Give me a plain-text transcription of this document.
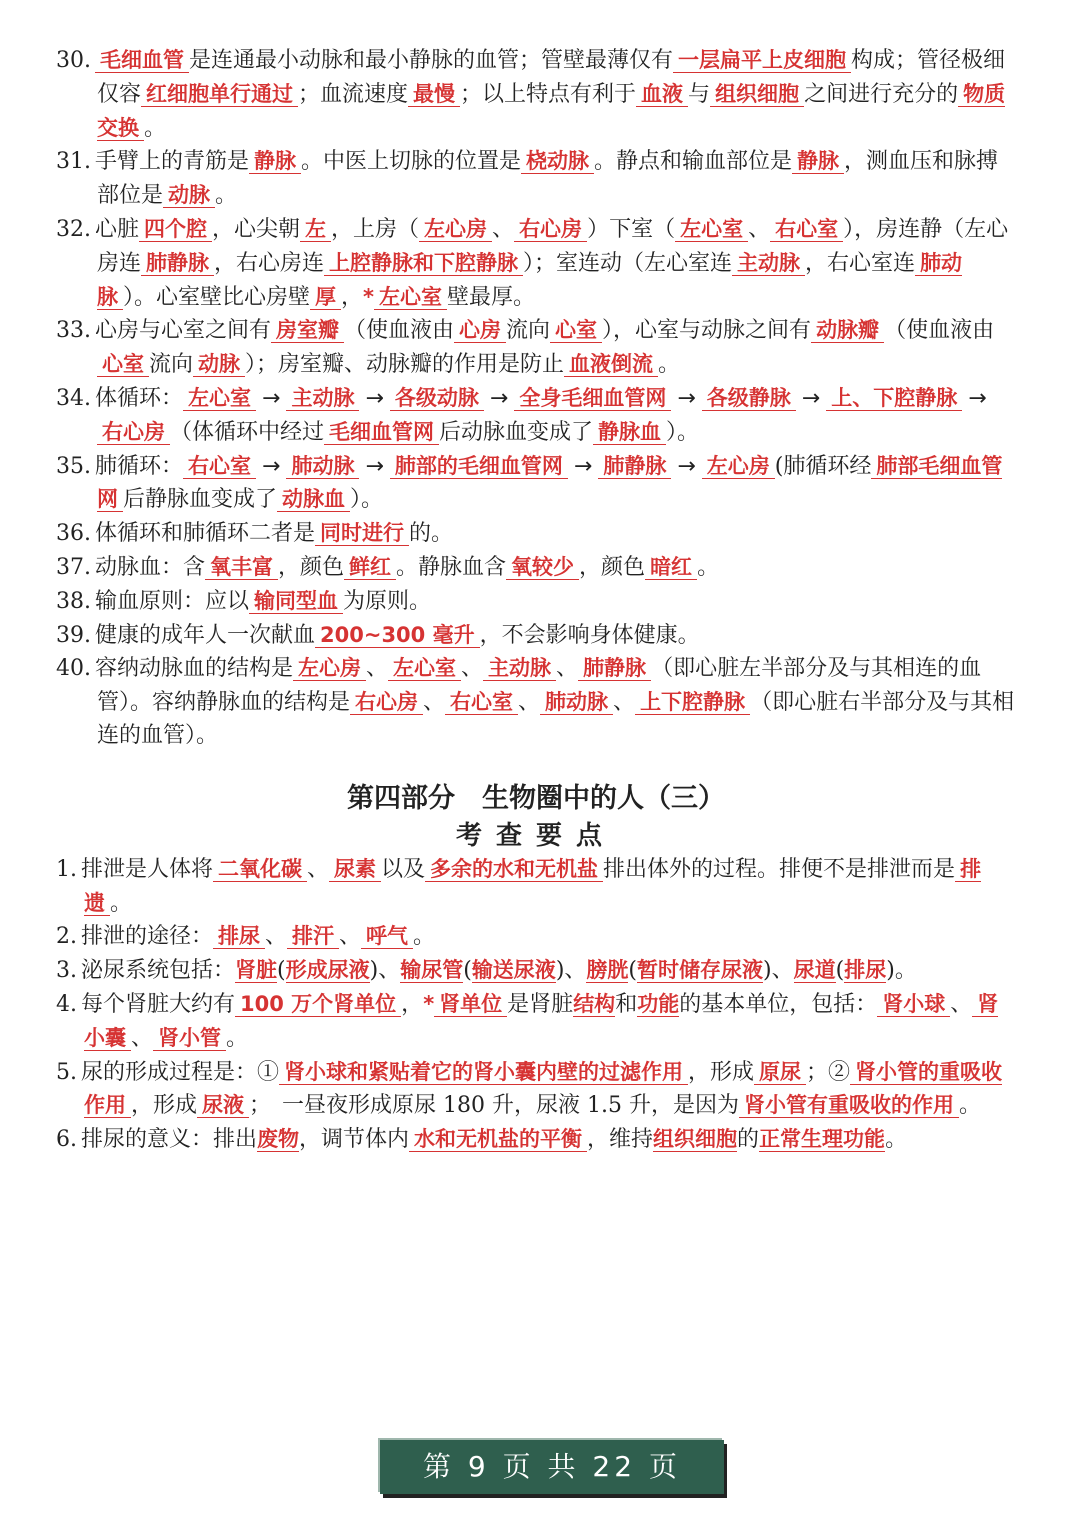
30. 毛细血管 是连通最小动脉和最小静脉的血管；管壁最薄仅有 一层扁平上皮细胞 构成；管径极细仅容 红细胞单行通过 ；血流速度 最慢 ；以上特点有利于 血液 与 组织细胞 之间进行充分的 物质交换 。
31. 手臂上的青筋是 静脉 。中医上切脉的位置是 桡动脉 。静点和输血部位是 静脉 ，测血压和脉搏部位是 动脉 。
32. 心脏 四个腔 ，心尖朝 左 ，上房（ 左心房 、 右心房 ）下室（ 左心室 、 右心室 ），房连静（左心房连 肺静脉 ，右心房连 上腔静脉和下腔静脉 ）；室连动（左心室连 主动脉 ，右心室连 肺动脉 ）。心室壁比心房壁 厚 ，* 左心室 壁最厚。
33. 心房与心室之间有 房室瓣 （使血液由 心房 流向 心室 ），心室与动脉之间有 动脉瓣 （使血液由心室 流向 动脉 ）；房室瓣、动脉瓣的作用是防止 血液倒流 。
34. 体循环： 左心室 → 主动脉 → 各级动脉 → 全身毛细血管网 → 各级静脉 → 上、下腔静脉 →右心房 （体循环中经过 毛细血管网 后动脉血变成了 静脉血 ）。
35. 肺循环： 右心室 → 肺动脉 → 肺部的毛细血管网 → 肺静脉 → 左心房 (肺循环经 肺部毛细血管网 后静脉血变成了 动脉血 ）。
36. 体循环和肺循环二者是 同时进行 的。
37. 动脉血：含 氧丰富 ，颜色 鲜红 。静脉血含 氧较少 ，颜色 暗红 。
38. 输血原则：应以 输同型血 为原则。
39. 健康的成年人一次献血 200~300 毫升 ，不会影响身体健康。
40. 容纳动脉血的结构是 左心房 、 左心室 、 主动脉 、 肺静脉 （即心脏左半部分及与其相连的血管）。容纳静脉血的结构是 右心房 、 右心室 、 肺动脉 、 上下腔静脉 （即心脏右半部分及与其相连的血管）。
第四部分　生物圈中的人（三）
考查要点
1. 排泄是人体将 二氧化碳 、 尿素 以及 多余的水和无机盐 排出体外的过程。排便不是排泄而是 排遗 。
2. 排泄的途径： 排尿 、 排汗 、 呼气 。
3. 泌尿系统包括：肾脏(形成尿液)、输尿管(输送尿液)、膀胱(暂时储存尿液)、尿道(排尿)。
4. 每个肾脏大约有 100 万个肾单位 ，* 肾单位 是肾脏结构和功能的基本单位，包括： 肾小球 、 肾小囊 、 肾小管 。
5. 尿的形成过程是：① 肾小球和紧贴着它的肾小囊内壁的过滤作用 ，形成 原尿 ；② 肾小管的重吸收作用 ，形成 尿液 ；　一昼夜形成原尿 180 升，尿液 1.5 升，是因为 肾小管有重吸收的作用 。
6. 排尿的意义：排出废物，调节体内 水和无机盐的平衡 ，维持组织细胞的正常生理功能。
第 9 页 共 22 页
